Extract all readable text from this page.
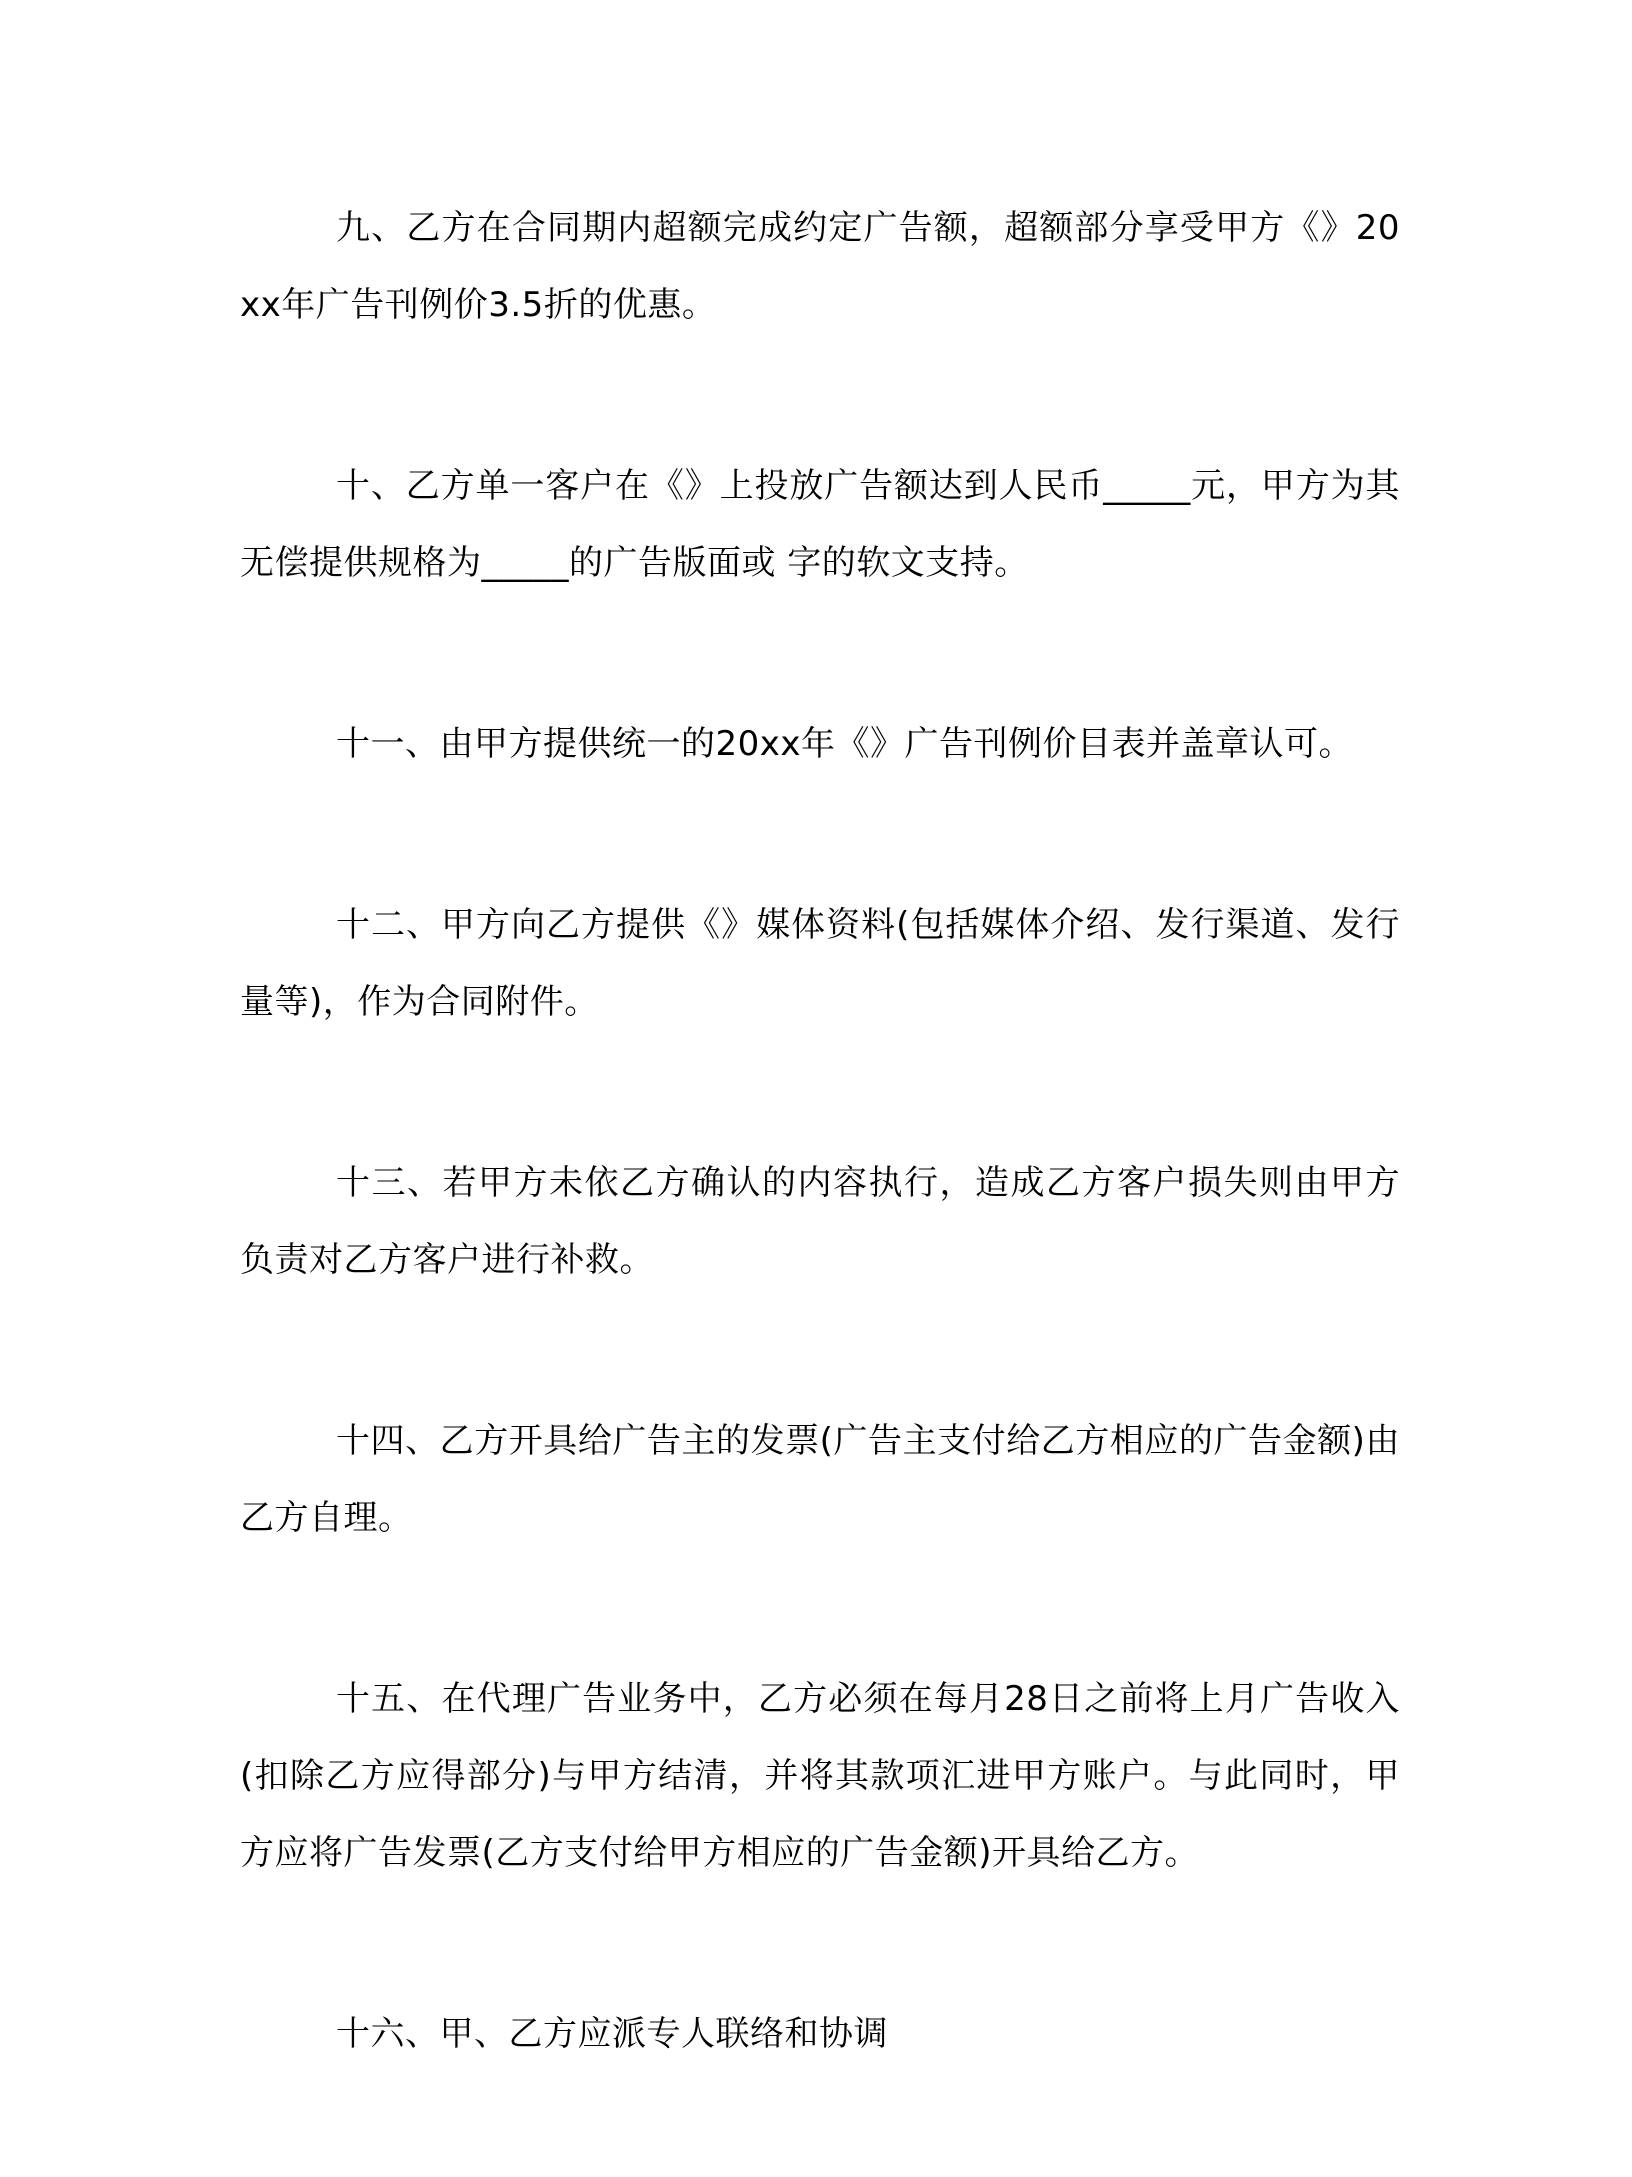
九、乙方在合同期内超额完成约定广告额，超额部分享受甲方《》20xx年广告刊例价3.5折的优惠。

十、乙方单一客户在《》上投放广告额达到人民币_____元，甲方为其无偿提供规格为_____的广告版面或 字的软文支持。

十一、由甲方提供统一的20xx年《》广告刊例价目表并盖章认可。

十二、甲方向乙方提供《》媒体资料(包括媒体介绍、发行渠道、发行量等)，作为合同附件。

十三、若甲方未依乙方确认的内容执行，造成乙方客户损失则由甲方负责对乙方客户进行补救。

十四、乙方开具给广告主的发票(广告主支付给乙方相应的广告金额)由乙方自理。

十五、在代理广告业务中，乙方必须在每月28日之前将上月广告收入(扣除乙方应得部分)与甲方结清，并将其款项汇进甲方账户。与此同时，甲方应将广告发票(乙方支付给甲方相应的广告金额)开具给乙方。

十六、甲、乙方应派专人联络和协调
